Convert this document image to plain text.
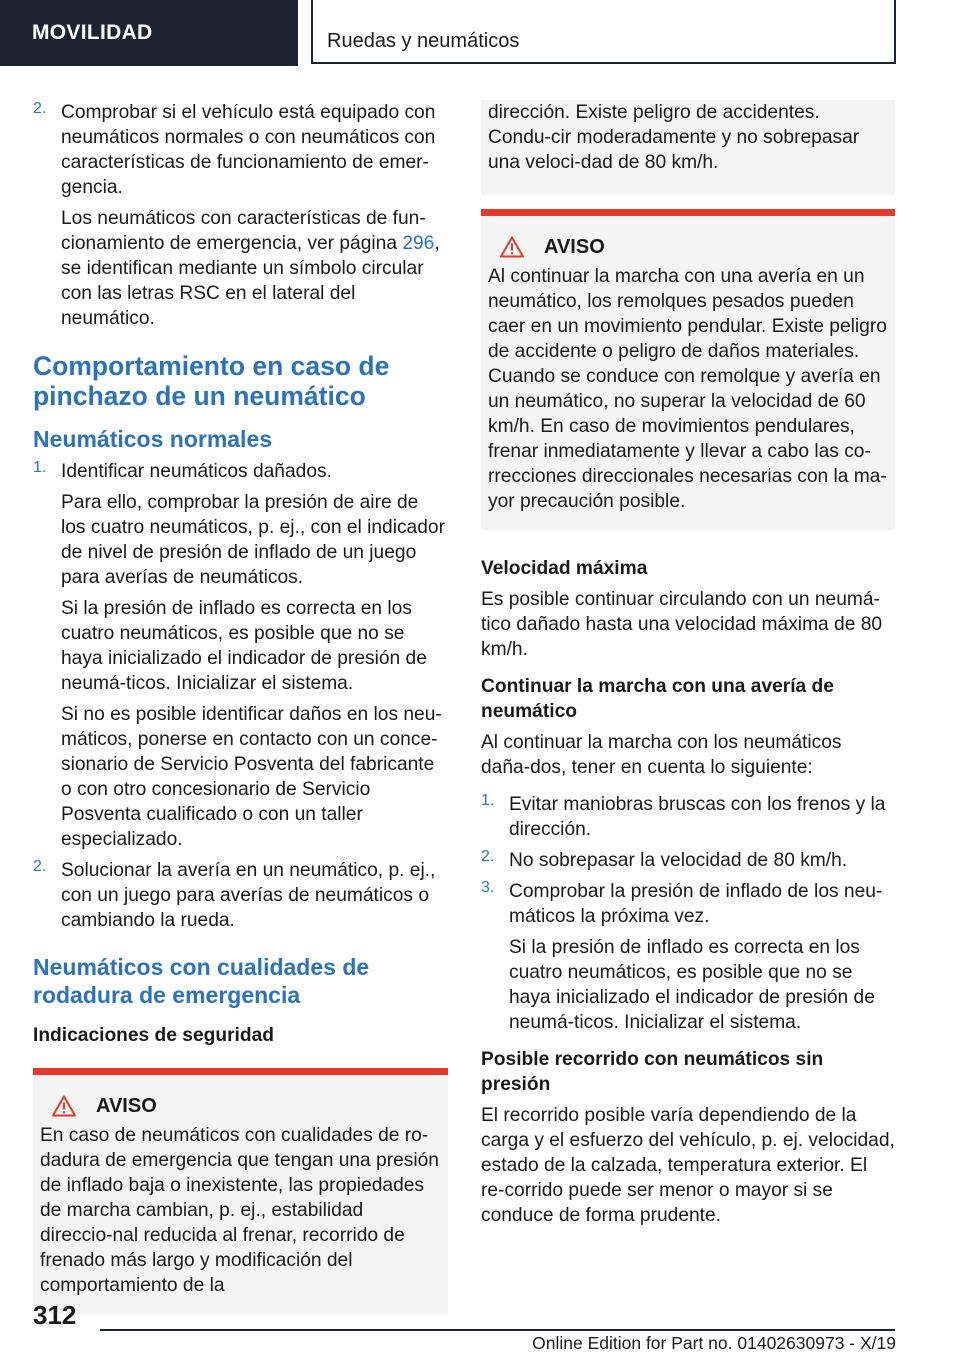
MOVILIDAD	Ruedas y neumáticos
2. Comprobar si el vehículo está equipado con neumáticos normales o con neumáticos con características de funcionamiento de emer-gencia.

Los neumáticos con características de fun-cionamiento de emergencia, ver página 296, se identifican mediante un símbolo circular con las letras RSC en el lateral del neumático.

Comportamiento en caso de pinchazo de un neumático
Neumáticos normales
1. Identificar neumáticos dañados.

Para ello, comprobar la presión de aire de los cuatro neumáticos, p. ej., con el indicador de nivel de presión de inflado de un juego para averías de neumáticos.

Si la presión de inflado es correcta en los cuatro neumáticos, es posible que no se haya inicializado el indicador de presión de neumá-ticos. Inicializar el sistema.

Si no es posible identificar daños en los neu-máticos, ponerse en contacto con un conce-sionario de Servicio Posventa del fabricante o con otro concesionario de Servicio Posventa cualificado o con un taller especializado.

2. Solucionar la avería en un neumático, p. ej., con un juego para averías de neumáticos o cambiando la rueda.

Neumáticos con cualidades de rodadura de emergencia
Indicaciones de seguridad
AVISO

En caso de neumáticos con cualidades de ro-dadura de emergencia que tengan una presión de inflado baja o inexistente, las propiedades de marcha cambian, p. ej., estabilidad direccio-nal reducida al frenar, recorrido de frenado más largo y modificación del comportamiento de la

dirección. Existe peligro de accidentes. Condu-cir moderadamente y no sobrepasar una veloci-dad de 80 km/h.

AVISO

Al continuar la marcha con una avería en un neumático, los remolques pesados pueden caer en un movimiento pendular. Existe peligro de accidente o peligro de daños materiales. Cuando se conduce con remolque y avería en un neumático, no superar la velocidad de 60 km/h. En caso de movimientos pendulares, frenar inmediatamente y llevar a cabo las co-rrecciones direccionales necesarias con la ma-yor precaución posible.

Velocidad máxima

Es posible continuar circulando con un neumá-tico dañado hasta una velocidad máxima de 80 km/h.

Continuar la marcha con una avería de neumático

Al continuar la marcha con los neumáticos daña-dos, tener en cuenta lo siguiente:

1. Evitar maniobras bruscas con los frenos y la dirección.

2. No sobrepasar la velocidad de 80 km/h.

3. Comprobar la presión de inflado de los neu-máticos la próxima vez.

Si la presión de inflado es correcta en los cuatro neumáticos, es posible que no se haya inicializado el indicador de presión de neumá-ticos. Inicializar el sistema.

Posible recorrido con neumáticos sin presión

El recorrido posible varía dependiendo de la carga y el esfuerzo del vehículo, p. ej. velocidad, estado de la calzada, temperatura exterior. El re-corrido puede ser menor o mayor si se conduce de forma prudente.

312
Online Edition for Part no. 01402630973 - X/19
